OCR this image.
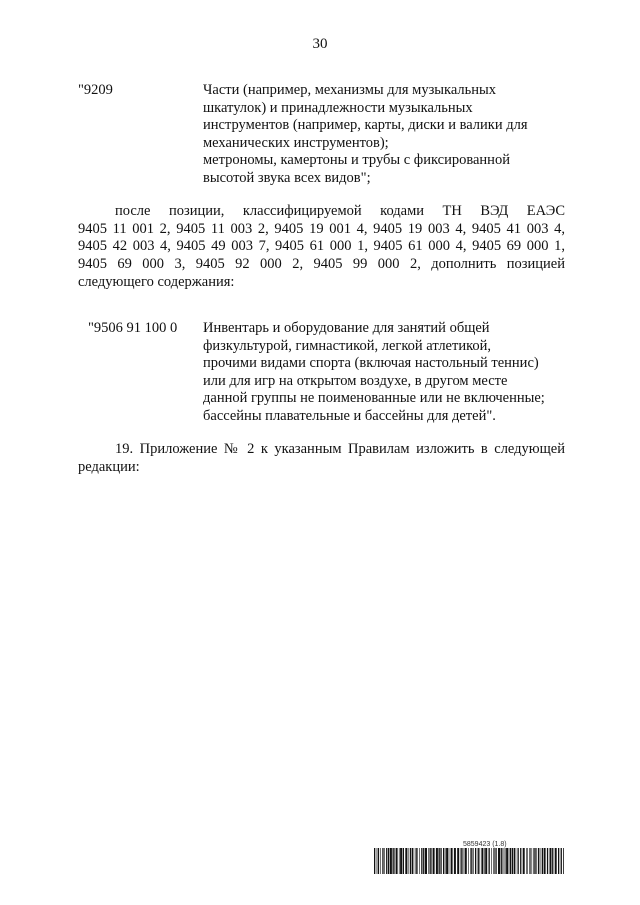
30
"9209	Части (например, механизмы для музыкальных
шкатулок) и принадлежности музыкальных
инструментов (например, карты, диски и валики для
механических инструментов);
метрономы, камертоны и трубы с фиксированной
высотой звука всех видов";
после позиции, классифицируемой кодами ТН ВЭД ЕАЭС
9405 11 001 2, 9405 11 003 2, 9405 19 001 4, 9405 19 003 4, 9405 41 003 4,
9405 42 003 4, 9405 49 003 7, 9405 61 000 1, 9405 61 000 4, 9405 69 000 1,
9405 69 000 3, 9405 92 000 2, 9405 99 000 2, дополнить позицией
следующего содержания:
"9506 91 100 0 Инвентарь и оборудование для занятий общей
физкультурой, гимнастикой, легкой атлетикой,
прочими видами спорта (включая настольный теннис)
или для игр на открытом воздухе, в другом месте
данной группы не поименованные или не включенные;
бассейны плавательные и бассейны для детей".
19. Приложение № 2 к указанным Правилам изложить в следующей
редакции:
5859423 (1.8)
